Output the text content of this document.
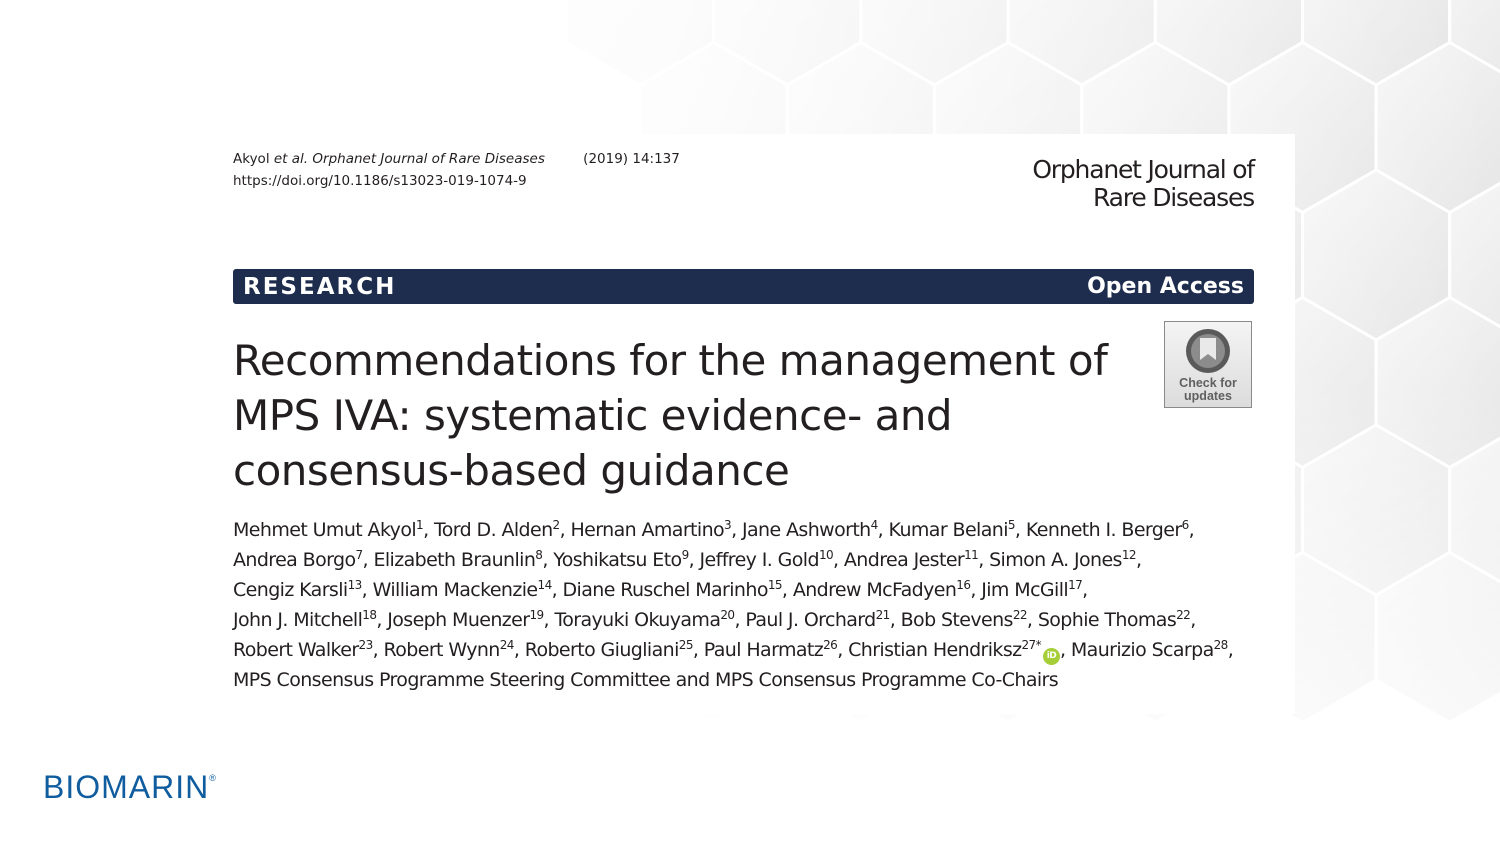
Akyol et al. Orphanet Journal of Rare Diseases	(2019) 14:137
https://doi.org/10.1186/s13023-019-1074-9	Orphanet Journal of
Rare Diseases
RESEARCH	Open Access
Recommendations for the management of
MPS IVA: systematic evidence- and
consensus-based guidance
Check for
updates
Mehmet Umut Akyol$^1$, Tord D. Alden$^2$, Hernan Amartino$^3$, Jane Ashworth$^4$, Kumar Belani$^5$, Kenneth I. Berger$^6$,
Andrea Borgo$^7$, Elizabeth Braunlin$^8$, Yoshikatsu Eto$^9$, Jeffrey I. Gold$^{10}$, Andrea Jester$^{11}$, Simon A. Jones$^{12}$,
Cengiz Karsli$^{13}$, William Mackenzie$^{14}$, Diane Ruschel Marinho$^{15}$, Andrew McFadyen$^{16}$, Jim McGill$^{17}$,
John J. Mitchell$^{18}$, Joseph Muenzer$^{19}$, Torayuki Okuyama$^{20}$, Paul J. Orchard$^{21}$, Bob Stevens$^{22}$, Sophie Thomas$^{22}$,
Robert Walker$^{23}$, Robert Wynn$^{24}$, Roberto Giugliani$^{25}$, Paul Harmatz$^{26}$, Christian Hendriksz$^{27*}$iD , Maurizio Scarpa$^{28}$,
MPS Consensus Programme Steering Committee and MPS Consensus Programme Co-Chairs
BIOMARIN®
